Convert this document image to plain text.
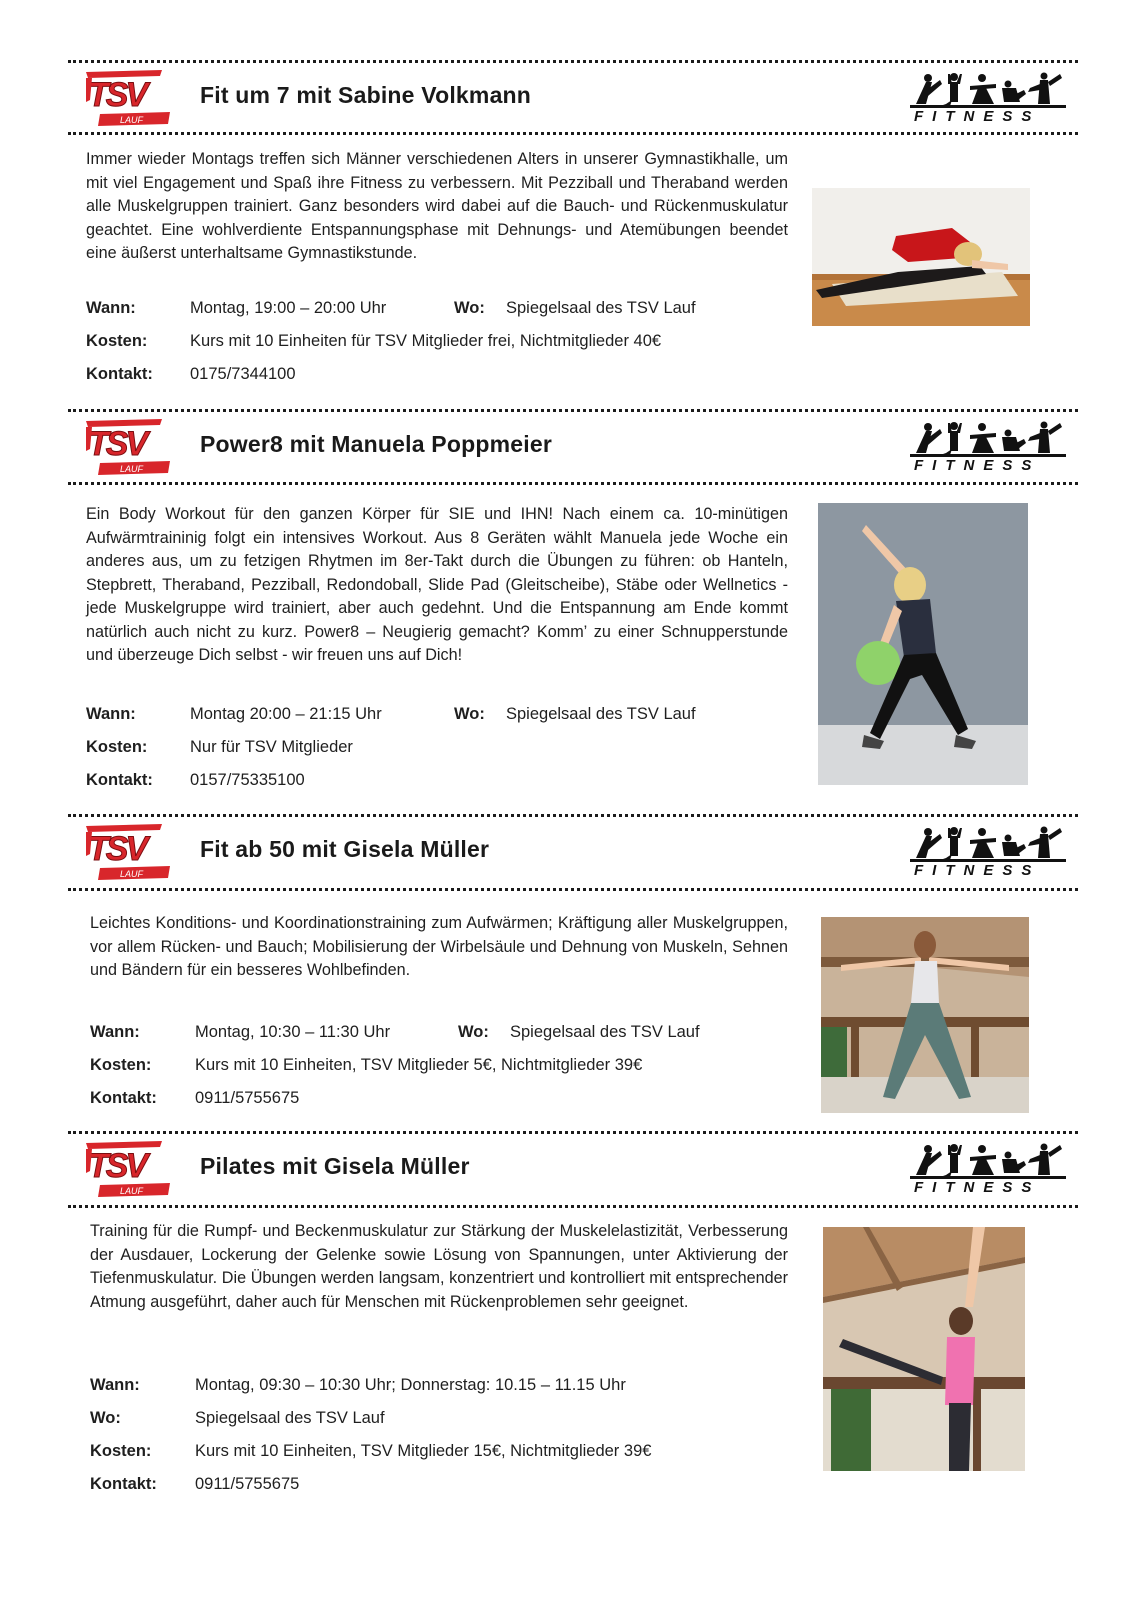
Fit um 7 mit Sabine Volkmann

Immer wieder Montags treffen sich Männer verschiedenen Alters in unserer Gymnastikhalle, um mit viel Engagement und Spaß ihre Fitness zu verbessern. Mit Pezziball und Theraband werden alle Muskelgruppen trainiert. Ganz besonders wird dabei auf die Bauch- und Rückenmuskulatur geachtet. Eine wohlverdiente Entspannungsphase mit Dehnungs- und Atemübungen beendet eine äußerst unterhaltsame Gymnastikstunde.

Wann:	Montag, 19:00 – 20:00 Uhr	Wo: Spiegelsaal des TSV Lauf
Kosten:	Kurs mit 10 Einheiten für TSV Mitglieder frei, Nichtmitglieder 40€
Kontakt: 0175/7344100
Power8 mit Manuela Poppmeier

Ein Body Workout für den ganzen Körper für SIE und IHN! Nach einem ca. 10-minütigen Aufwärmtraininig folgt ein intensives Workout. Aus 8 Geräten wählt Manuela jede Woche ein anderes aus, um zu fetzigen Rhytmen im 8er-Takt durch die Übungen zu führen: ob Hanteln, Stepbrett, Theraband, Pezziball, Redondoball, Slide Pad (Gleitscheibe), Stäbe oder Wellnetics - jede Muskelgruppe wird trainiert, aber auch gedehnt. Und die Entspannung am Ende kommt natürlich auch nicht zu kurz. Power8 – Neugierig gemacht? Komm’ zu einer Schnupperstunde und überzeuge Dich selbst - wir freuen uns auf Dich!

Wann:	Montag 20:00 – 21:15 Uhr	Wo: Spiegelsaal des TSV Lauf
Kosten:	Nur für TSV Mitglieder
Kontakt: 0157/75335100
Fit ab 50 mit Gisela Müller

Leichtes Konditions- und Koordinationstraining zum Aufwärmen; Kräftigung aller Muskelgruppen, vor allem Rücken- und Bauch; Mobilisierung der Wirbelsäule und Dehnung von Muskeln, Sehnen und Bändern für ein besseres Wohlbefinden.

Wann:	Montag, 10:30 – 11:30 Uhr	Wo: Spiegelsaal des TSV Lauf
Kosten:	Kurs mit 10 Einheiten, TSV Mitglieder 5€, Nichtmitglieder 39€
Kontakt: 0911/5755675
Pilates mit Gisela Müller

Training für die Rumpf- und Beckenmuskulatur zur Stärkung der Muskelelastizität, Verbesserung der Ausdauer, Lockerung der Gelenke sowie Lösung von Spannungen, unter Aktivierung der Tiefenmuskulatur. Die Übungen werden langsam, konzentriert und kontrolliert mit entsprechender Atmung ausgeführt, daher auch für Menschen mit Rückenproblemen sehr geeignet.

Wann:	Montag, 09:30 – 10:30 Uhr; Donnerstag: 10.15 – 11.15 Uhr
Wo:	Spiegelsaal des TSV Lauf
Kosten:	Kurs mit 10 Einheiten, TSV Mitglieder 15€, Nichtmitglieder 39€
Kontakt: 0911/5755675
